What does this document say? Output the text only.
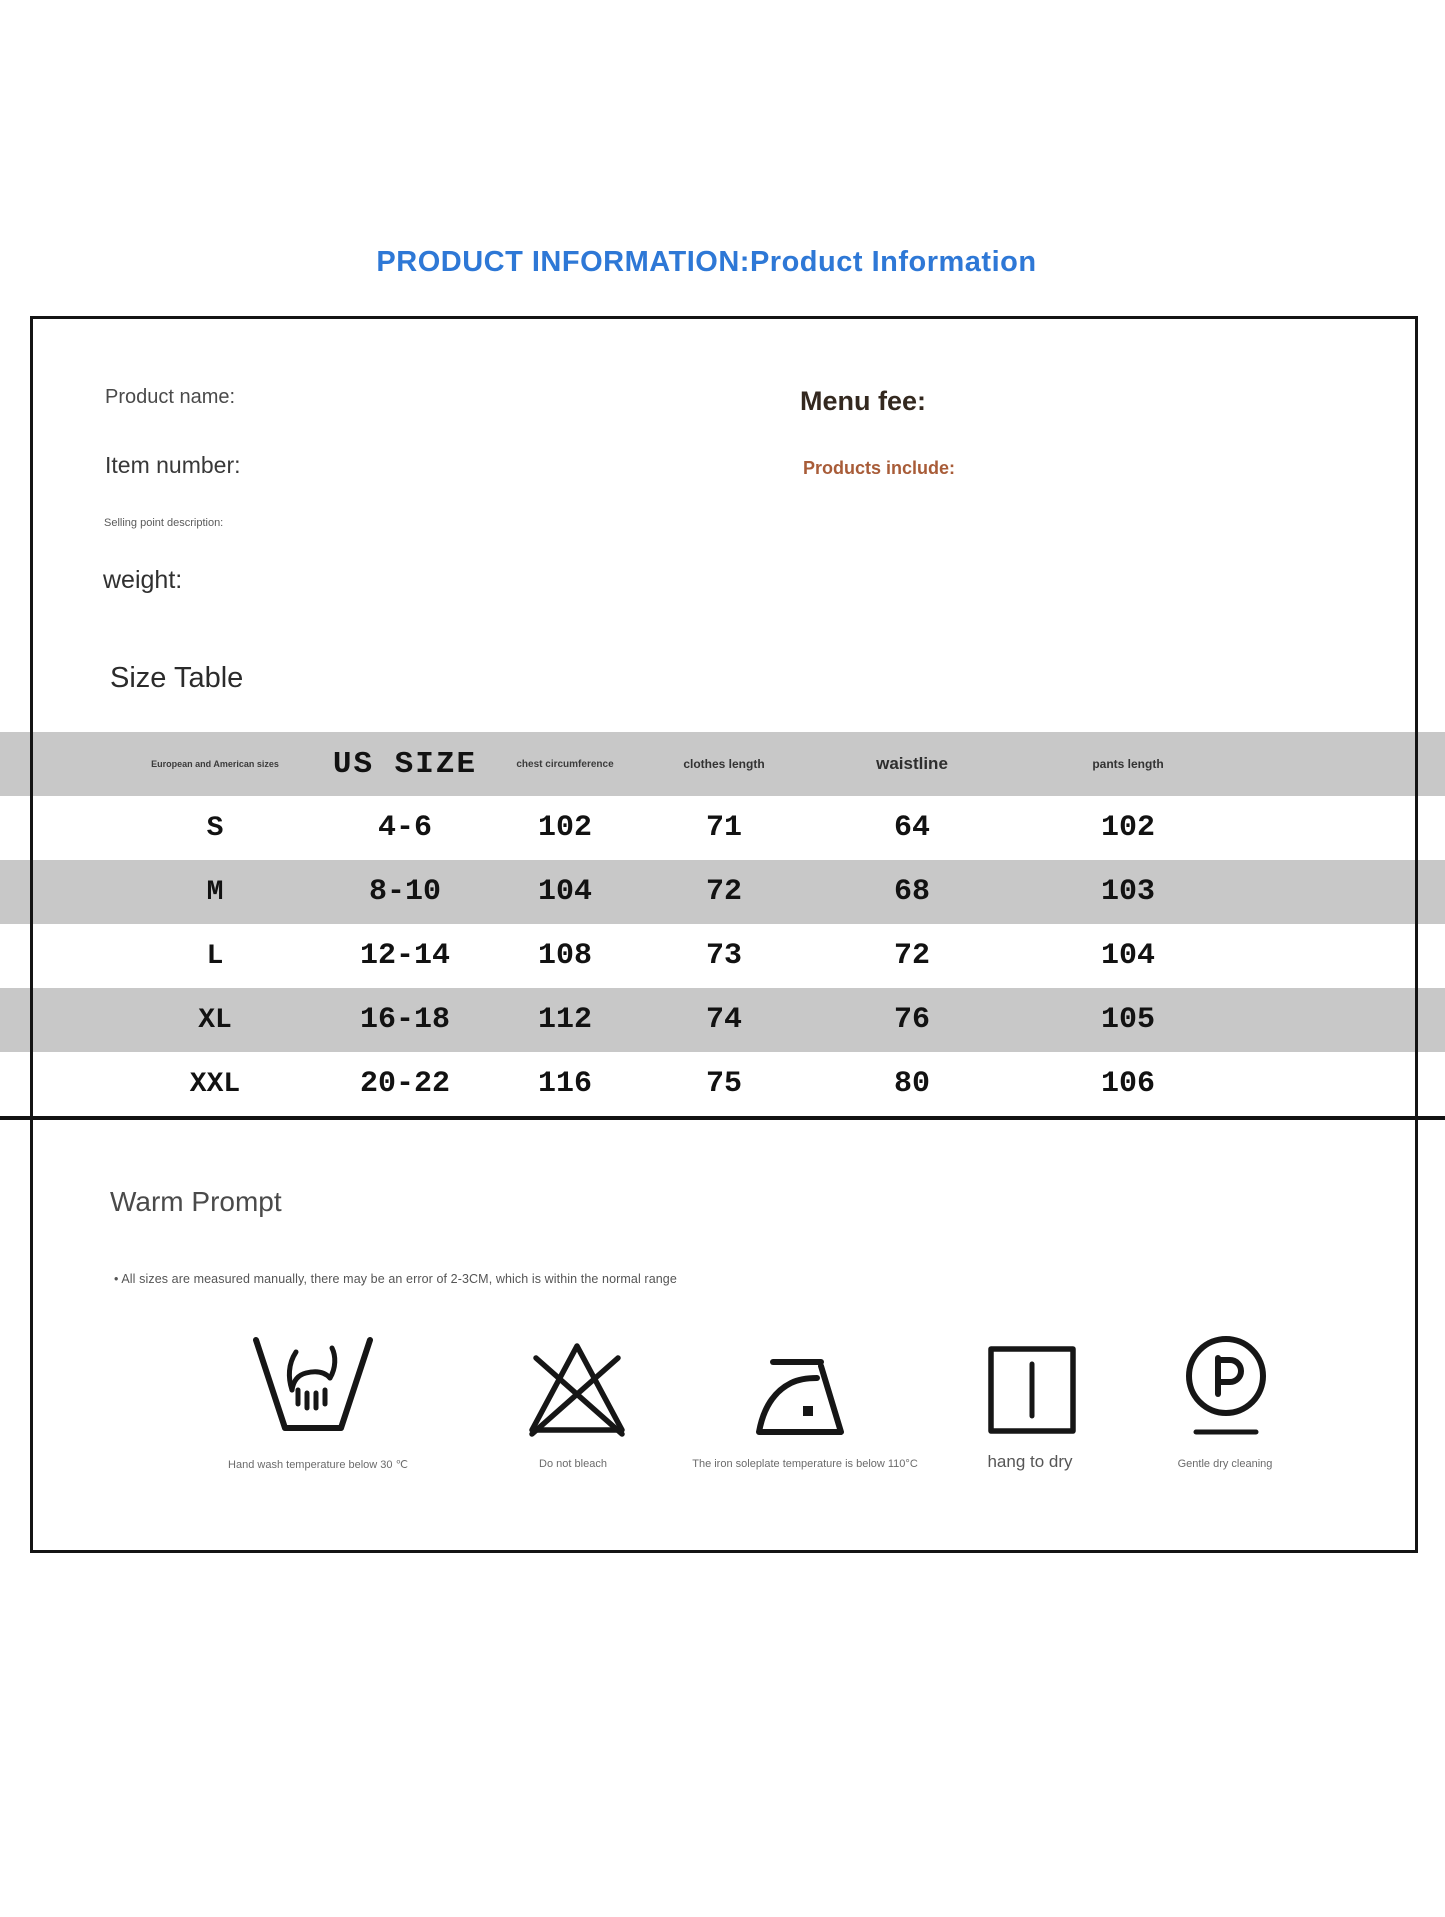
PRODUCT INFORMATION:Product Information
Product name:
Item number:
Selling point description:
weight:
Menu fee:
Products include:
Size Table
European and American sizes	US SIZE	chest circumference	clothes length	waistline	pants length
S	4-6	102	71	64	102
M	8-10	104	72	68	103
L	12-14	108	73	72	104
XL	16-18	112	74	76	105
XXL	20-22	116	75	80	106
Warm Prompt
• All sizes are measured manually, there may be an error of 2-3CM, which is within the normal range
Hand wash temperature below 30 ℃	Do not bleach	The iron soleplate temperature is below 110°C	hang to dry	Gentle dry cleaning
